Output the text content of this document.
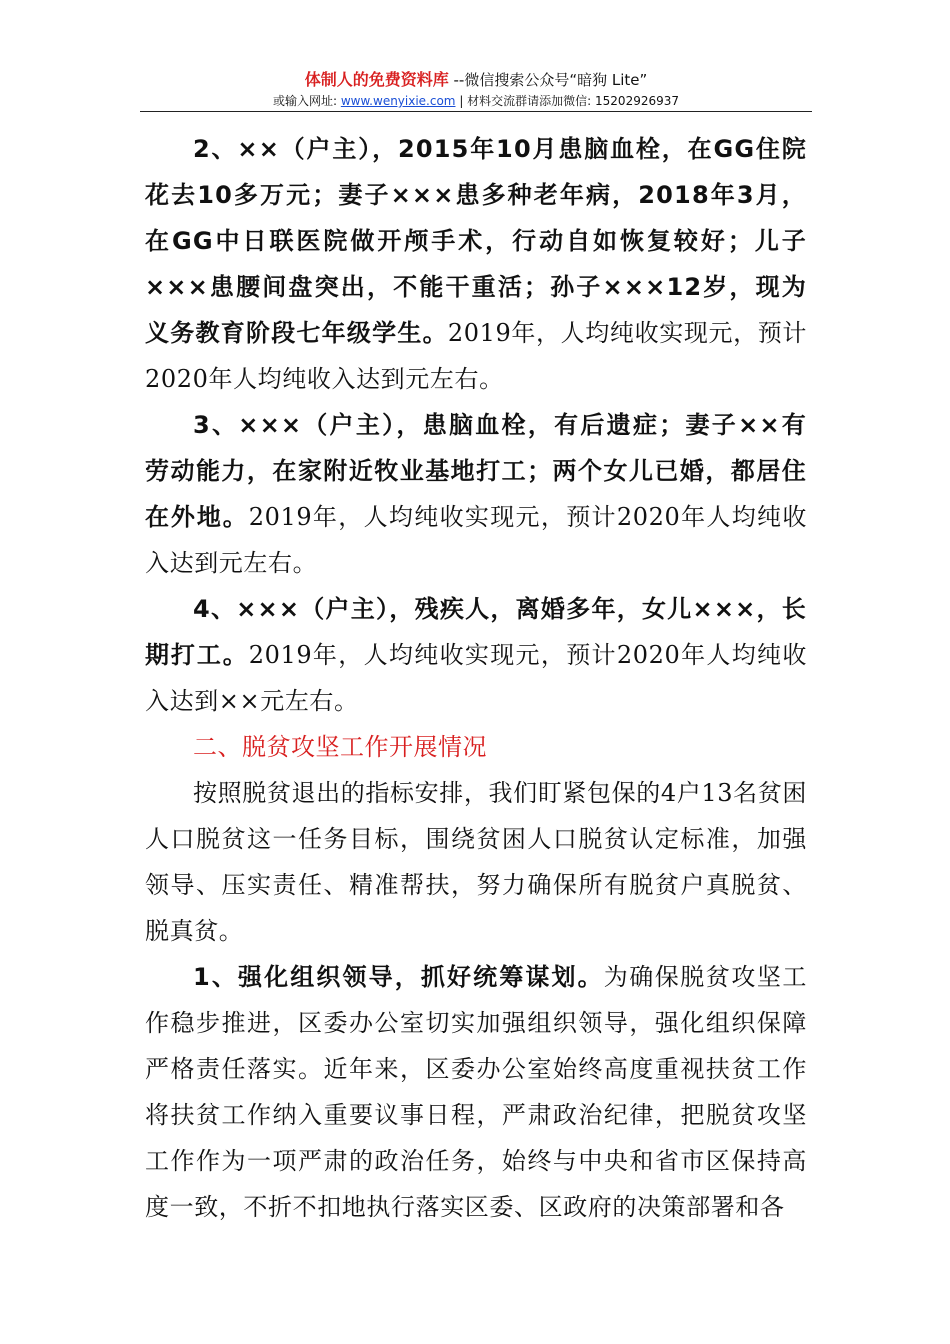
体制人的免费资料库 --微信搜索公众号“暗狗 Lite”
或输入网址: www.wenyixie.com | 材料交流群请添加微信: 15202926937

2、××（户主），2015年10月患脑血栓，在GG住院花去10多万元；妻子×××患多种老年病，2018年3月，在GG中日联医院做开颅手术，行动自如恢复较好；儿子×××患腰间盘突出，不能干重活；孙子×××12岁，现为义务教育阶段七年级学生。2019年，人均纯收实现元，预计2020年人均纯收入达到元左右。

3、×××（户主），患脑血栓，有后遗症；妻子××有劳动能力，在家附近牧业基地打工；两个女儿已婚，都居住在外地。2019年，人均纯收实现元，预计2020年人均纯收入达到元左右。

4、×××（户主），残疾人，离婚多年，女儿×××，长期打工。2019年，人均纯收实现元，预计2020年人均纯收入达到××元左右。

二、脱贫攻坚工作开展情况

按照脱贫退出的指标安排，我们盯紧包保的4户13名贫困人口脱贫这一任务目标，围绕贫困人口脱贫认定标准，加强领导、压实责任、精准帮扶，努力确保所有脱贫户真脱贫、脱真贫。

1、强化组织领导，抓好统筹谋划。为确保脱贫攻坚工作稳步推进，区委办公室切实加强组织领导，强化组织保障严格责任落实。近年来，区委办公室始终高度重视扶贫工作将扶贫工作纳入重要议事日程，严肃政治纪律，把脱贫攻坚工作作为一项严肃的政治任务，始终与中央和省市区保持高度一致，不折不扣地执行落实区委、区政府的决策部署和各
